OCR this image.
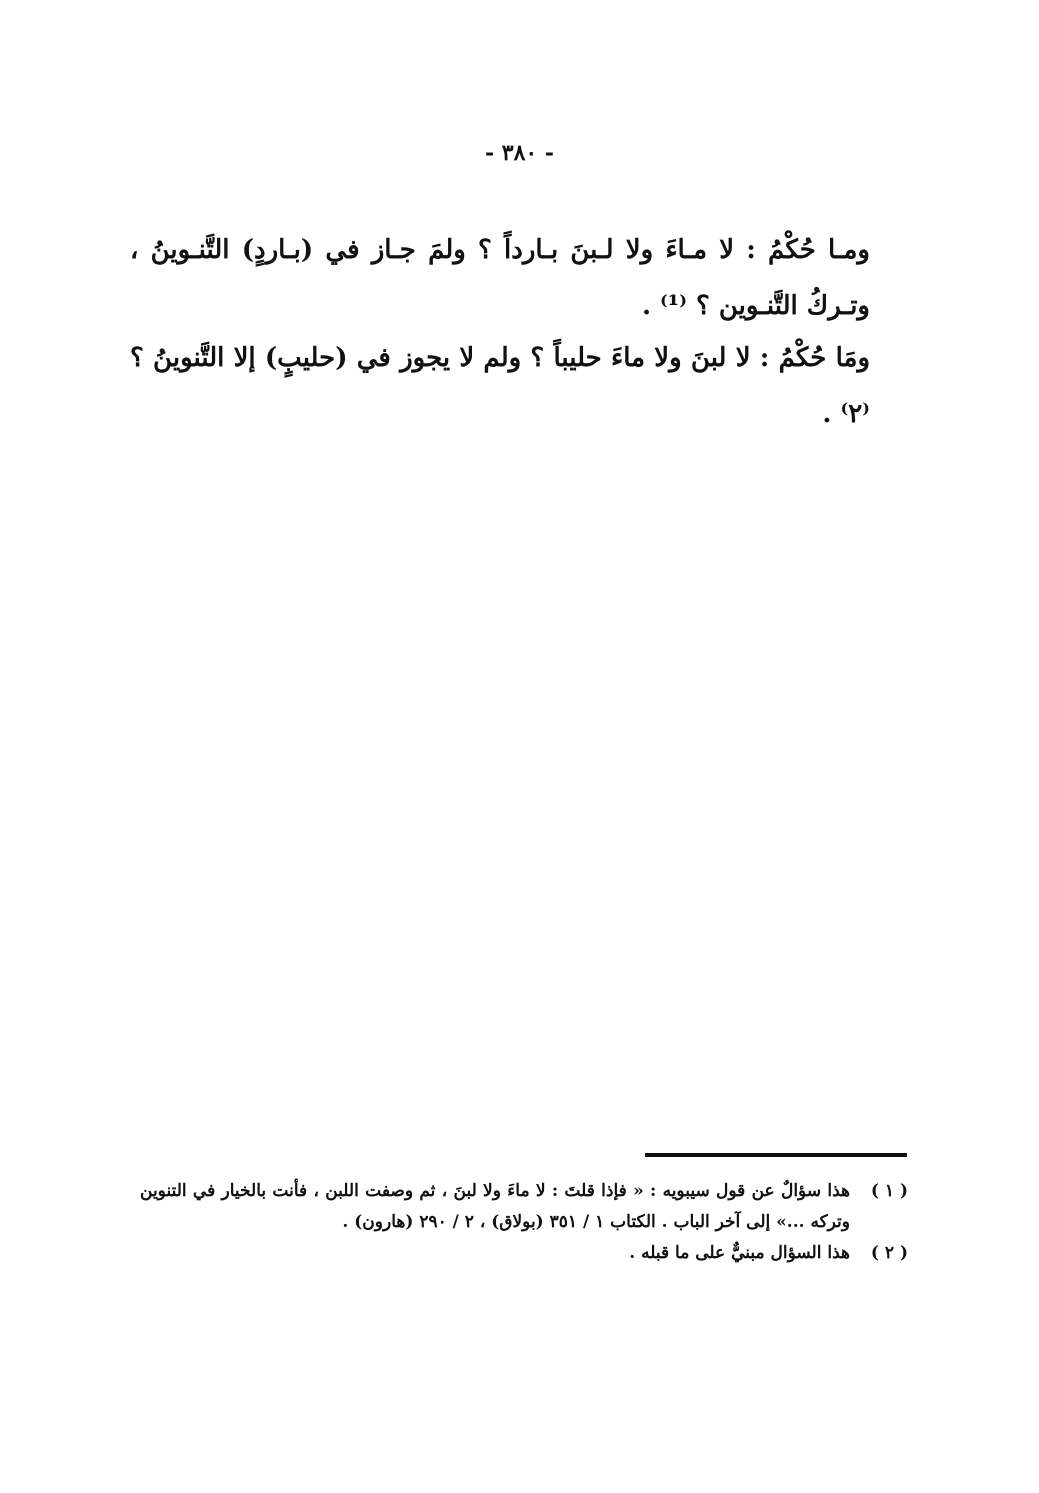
- ٣٨٠ -

ومـا حُكْمُ : لا مـاءَ ولا لـبنَ بـارداً ؟ ولمَ جـاز في (بـاردٍ) التَّنـوينُ ، وتـركُ التَّنـوين ؟ ⁽¹⁾ .

ومَا حُكْمُ : لا لبنَ ولا ماءَ حليباً ؟ ولم لا يجوز في (حليبٍ) إلا التَّنوينُ ؟⁽٢⁾ .

( ١ )
هذا سؤالٌ عن قول سيبويه : « فإذا قلتَ : لا ماءَ ولا لبنَ ، ثم وصفت اللبن ، فأنت بالخيار في التنوين وتركه ...» إلى آخر الباب . الكتاب ١ / ٣٥١ (بولاق) ، ٢ / ٢٩٠ (هارون) .
( ٢ )
هذا السؤال مبنيٌّ على ما قبله .
